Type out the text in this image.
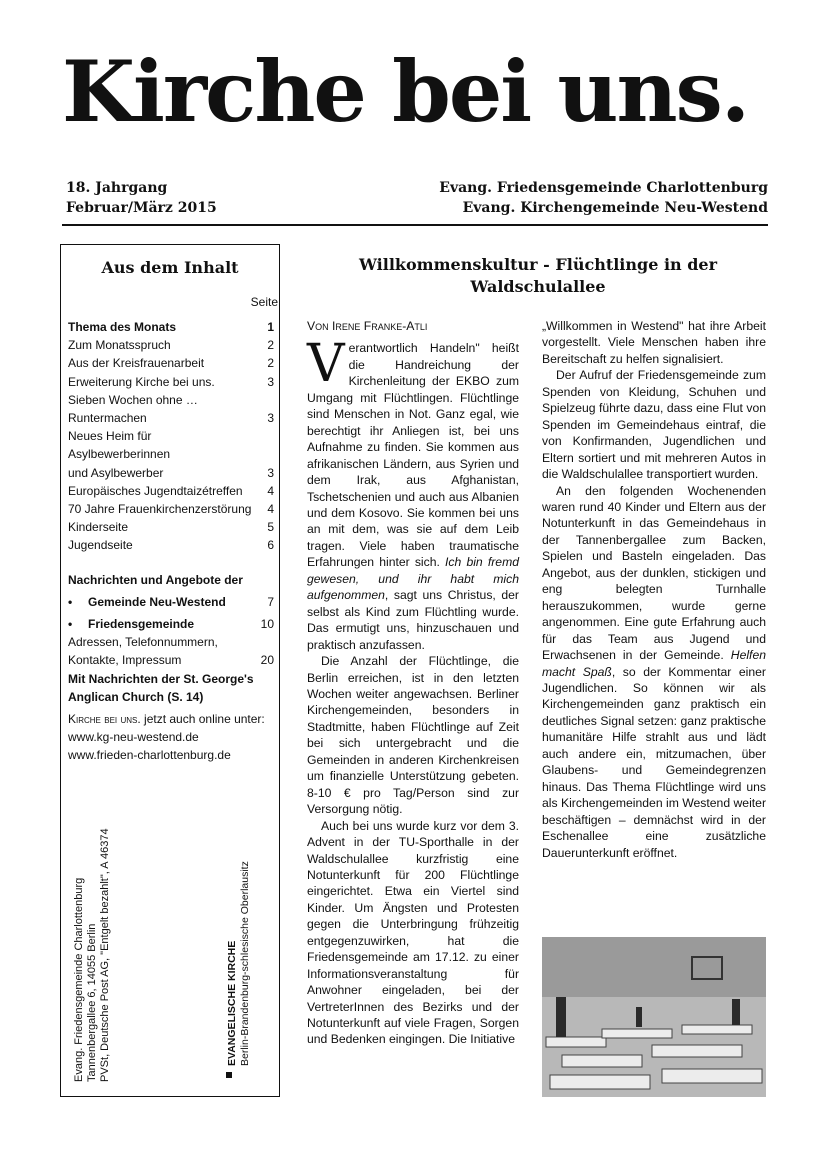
Kirche bei uns.
18. Jahrgang
Februar/März 2015
Evang. Friedensgemeinde Charlottenburg
Evang. Kirchengemeinde Neu-Westend
Aus dem Inhalt
Seite
Thema des Monats	1
Zum Monatsspruch	2
Aus der Kreisfrauenarbeit	2
Erweiterung Kirche bei uns.	3
Sieben Wochen ohne …
Runtermachen	3
Neues Heim für Asylbewerberinnen
und Asylbewerber	3
Europäisches Jugendtaizétreffen	4
70 Jahre Frauenkirchenzerstörung	4
Kinderseite	5
Jugendseite	6
Nachrichten und Angebote der
• Gemeinde Neu-Westend	7
• Friedensgemeinde	10
Adressen, Telefonnummern,
Kontakte, Impressum	20
Mit Nachrichten der St. George's
Anglican Church (S. 14)
Kirche bei uns. jetzt auch online unter:
www.kg-neu-westend.de
www.frieden-charlottenburg.de
Evang. Friedensgemeinde Charlottenburg Tannenbergallee 6, 14055 Berlin PVSt, Deutsche Post AG, "Entgelt bezahlt", A 46374	EVANGELISCHE KIRCHE Berlin-Brandenburg-schlesische Oberlausitz
Willkommenskultur - Flüchtlinge in der Waldschulallee

Von Irene Franke-Atli

Verantwortlich Handeln" heißt die Handreichung der Kirchenleitung der EKBO zum Umgang mit Flüchtlingen. Flüchtlinge sind Menschen in Not. Ganz egal, wie berechtigt ihr Anliegen ist, bei uns Aufnahme zu finden. Sie kommen aus afrikanischen Ländern, aus Syrien und dem Irak, aus Afghanistan, Tschetschenien und auch aus Albanien und dem Kosovo. Sie kommen bei uns an mit dem, was sie auf dem Leib tragen. Viele haben traumatische Erfahrungen hinter sich. Ich bin fremd gewesen, und ihr habt mich aufgenommen, sagt uns Christus, der selbst als Kind zum Flüchtling wurde. Das ermutigt uns, hinzuschauen und praktisch anzufassen.

Die Anzahl der Flüchtlinge, die Berlin erreichen, ist in den letzten Wochen weiter angewachsen. Berliner Kirchengemeinden, besonders in Stadtmitte, haben Flüchtlinge auf Zeit bei sich untergebracht und die Gemeinden in anderen Kirchenkreisen um finanzielle Unterstützung gebeten. 8-10 € pro Tag/Person sind zur Versorgung nötig.

Auch bei uns wurde kurz vor dem 3. Advent in der TU-Sporthalle in der Waldschulallee kurzfristig eine Notunterkunft für 200 Flüchtlinge eingerichtet. Etwa ein Viertel sind Kinder. Um Ängsten und Protesten gegen die Unterbringung frühzeitig entgegenzuwirken, hat die Friedensgemeinde am 17.12. zu einer Informationsveranstaltung für Anwohner eingeladen, bei der VertreterInnen des Bezirks und der Notunterkunft auf viele Fragen, Sorgen und Bedenken eingingen. Die Initiative

„Willkommen in Westend" hat ihre Arbeit vorgestellt. Viele Menschen haben ihre Bereitschaft zu helfen signalisiert.

Der Aufruf der Friedensgemeinde zum Spenden von Kleidung, Schuhen und Spielzeug führte dazu, dass eine Flut von Spenden im Gemeindehaus eintraf, die von Konfirmanden, Jugendlichen und Eltern sortiert und mit mehreren Autos in die Waldschulallee transportiert wurden.

An den folgenden Wochenenden waren rund 40 Kinder und Eltern aus der Notunterkunft in das Gemeindehaus in der Tannenbergallee zum Backen, Spielen und Basteln eingeladen. Das Angebot, aus der dunklen, stickigen und eng belegten Turnhalle herauszukommen, wurde gerne angenommen. Eine gute Erfahrung auch für das Team aus Jugend und Erwachsenen in der Gemeinde. Helfen macht Spaß, so der Kommentar einer Jugendlichen. So können wir als Kirchengemeinden ganz praktisch ein deutliches Signal setzen: ganz praktische humanitäre Hilfe strahlt aus und lädt auch andere ein, mitzumachen, über Glaubens- und Gemeindegrenzen hinaus. Das Thema Flüchtlinge wird uns als Kirchengemeinden im Westend weiter beschäftigen – demnächst wird in der Eschenallee eine zusätzliche Dauerunterkunft eröffnet.
